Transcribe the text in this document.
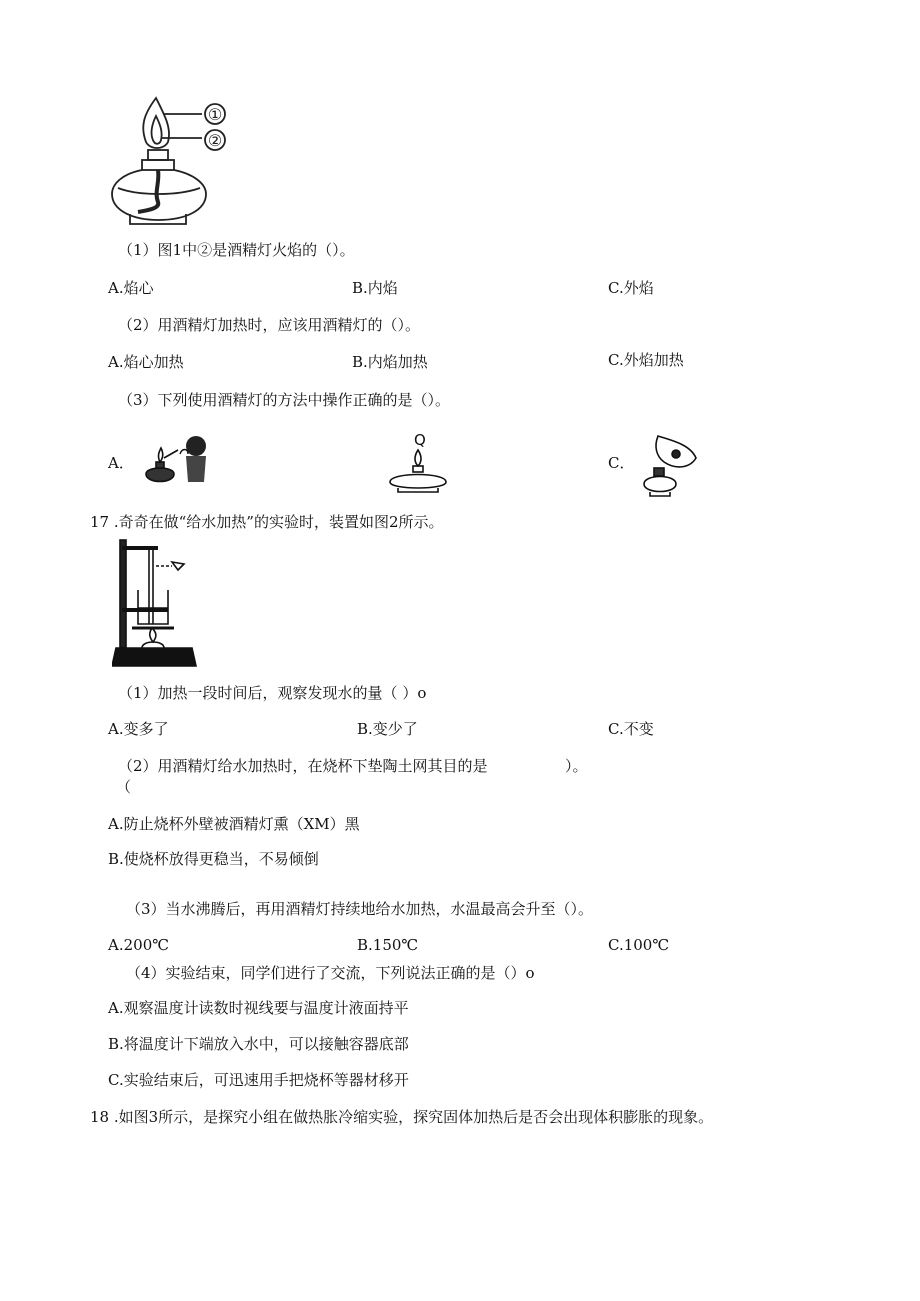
①
②
（1）图1中②是酒精灯火焰的（）。
A.焰心	B.内焰	C.外焰
（2）用酒精灯加热时，应该用酒精灯的（）。
A.焰心加热	B.内焰加热	C.外焰加热
（3）下列使用酒精灯的方法中操作正确的是（）。
A．
Q
C．
17 .奇奇在做“给水加热”的实验时，装置如图2所示。
（1）加热一段时间后，观察发现水的量（ ）o
A.变多了	B.变少了	C.不变
（2）用酒精灯给水加热时，在烧杯下垫陶土网其目的是	）。
（
A.防止烧杯外壁被酒精灯熏（XM）黑
B.使烧杯放得更稳当，不易倾倒
（3）当水沸腾后，再用酒精灯持续地给水加热，水温最高会升至（）。
A.200℃	B.150℃	C.100℃
（4）实验结束，同学们进行了交流，下列说法正确的是（）o
A.观察温度计读数时视线要与温度计液面持平
B.将温度计下端放入水中，可以接触容器底部
C.实验结束后，可迅速用手把烧杯等器材移开
18 .如图3所示，是探究小组在做热胀冷缩实验，探究固体加热后是否会出现体积膨胀的现象。
